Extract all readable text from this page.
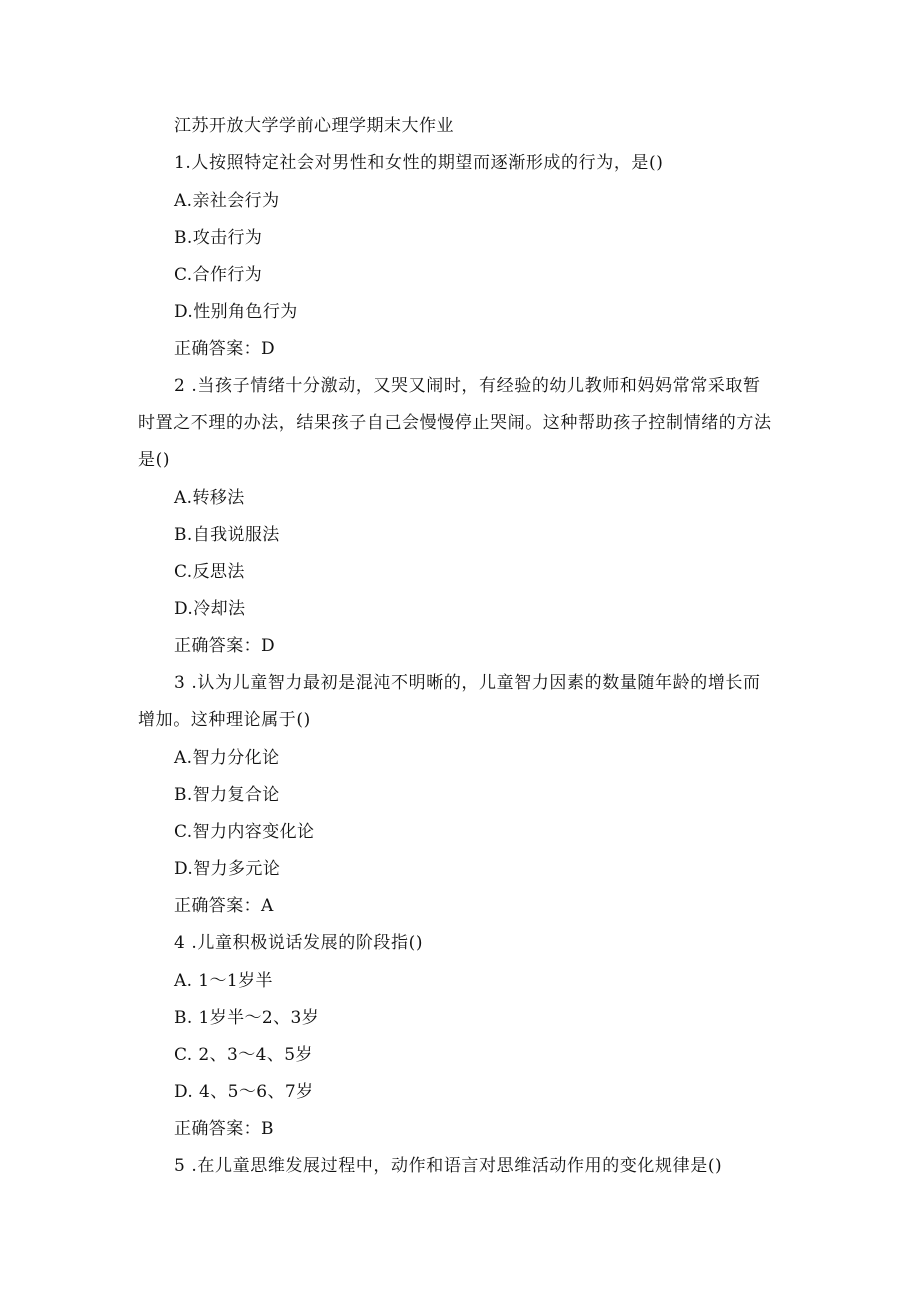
江苏开放大学学前心理学期末大作业
1.人按照特定社会对男性和女性的期望而逐渐形成的行为，是()
A.亲社会行为
B.攻击行为
C.合作行为
D.性别角色行为
正确答案：D
2 .当孩子情绪十分激动，又哭又闹时，有经验的幼儿教师和妈妈常常采取暂时置之不理的办法，结果孩子自己会慢慢停止哭闹。这种帮助孩子控制情绪的方法是()
A.转移法
B.自我说服法
C.反思法
D.冷却法
正确答案：D
3 .认为儿童智力最初是混沌不明晰的，儿童智力因素的数量随年龄的增长而增加。这种理论属于()
A.智力分化论
B.智力复合论
C.智力内容变化论
D.智力多元论
正确答案：A
4 .儿童积极说话发展的阶段指()
A. 1～1岁半
B. 1岁半～2、3岁
C. 2、3～4、5岁
D. 4、5～6、7岁
正确答案：B
5 .在儿童思维发展过程中，动作和语言对思维活动作用的变化规律是()
